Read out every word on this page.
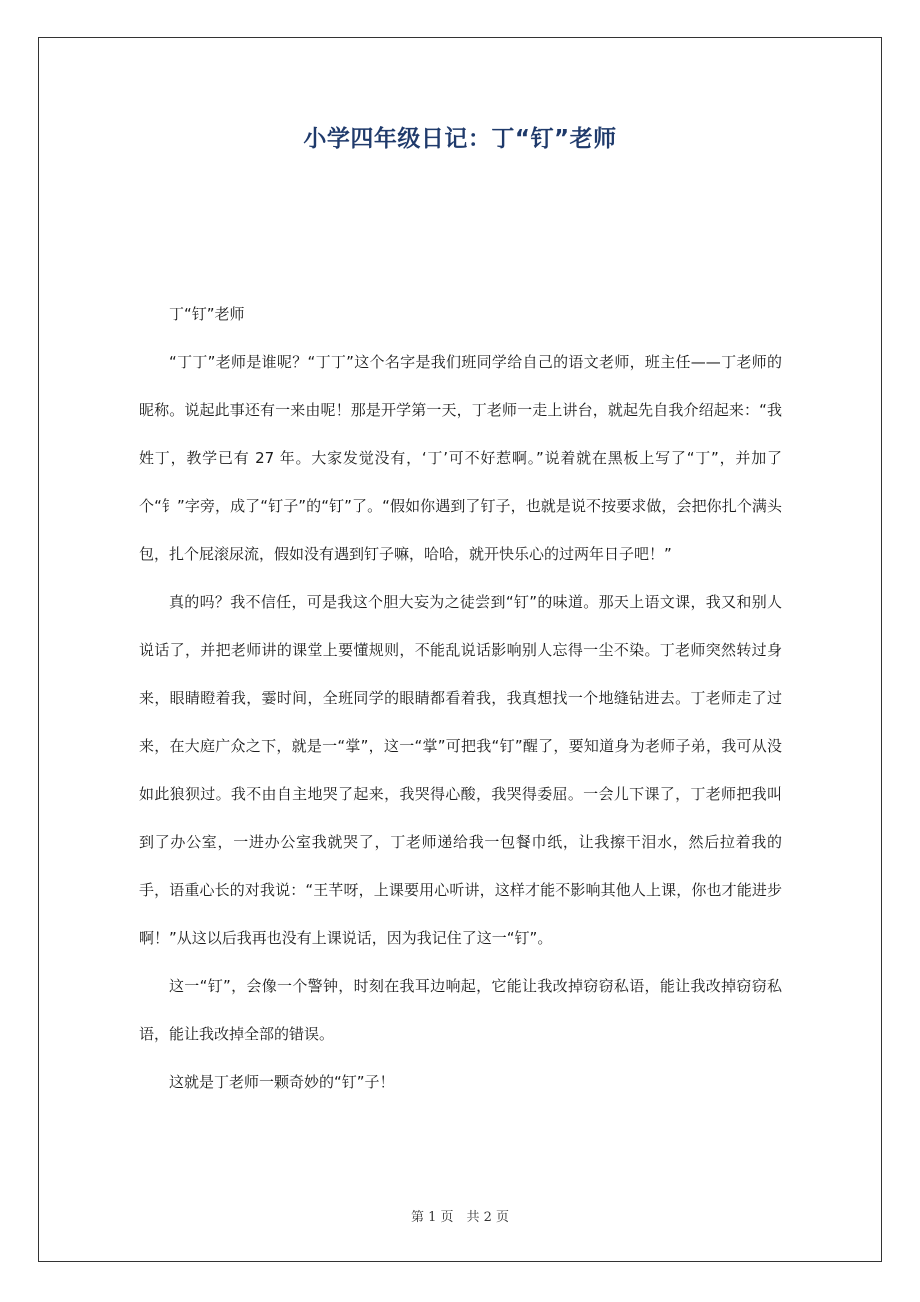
小学四年级日记：丁“钉”老师

丁“钉”老师

“丁丁”老师是谁呢？“丁丁”这个名字是我们班同学给自己的语文老师，班主任——丁老师的昵称。说起此事还有一来由呢！那是开学第一天，丁老师一走上讲台，就起先自我介绍起来：“我姓丁，教学已有 27 年。大家发觉没有，‘丁’可不好惹啊。”说着就在黑板上写了“丁”，并加了个“钅”字旁，成了“钉子”的“钉”了。“假如你遇到了钉子，也就是说不按要求做，会把你扎个满头包，扎个屁滚尿流，假如没有遇到钉子嘛，哈哈，就开快乐心的过两年日子吧！”

真的吗？我不信任，可是我这个胆大妄为之徒尝到“钉”的味道。那天上语文课，我又和别人说话了，并把老师讲的课堂上要懂规则，不能乱说话影响别人忘得一尘不染。丁老师突然转过身来，眼睛瞪着我，霎时间，全班同学的眼睛都看着我，我真想找一个地缝钻进去。丁老师走了过来，在大庭广众之下，就是一“掌”，这一“掌”可把我“钉”醒了，要知道身为老师子弟，我可从没如此狼狈过。我不由自主地哭了起来，我哭得心酸，我哭得委屈。一会儿下课了，丁老师把我叫到了办公室，一进办公室我就哭了，丁老师递给我一包餐巾纸，让我擦干泪水，然后拉着我的手，语重心长的对我说：“王芊呀，上课要用心听讲，这样才能不影响其他人上课，你也才能进步啊！”从这以后我再也没有上课说话，因为我记住了这一“钉”。

这一“钉”，会像一个警钟，时刻在我耳边响起，它能让我改掉窃窃私语，能让我改掉窃窃私语，能让我改掉全部的错误。

这就是丁老师一颗奇妙的“钉”子！

第 1 页　共 2 页
